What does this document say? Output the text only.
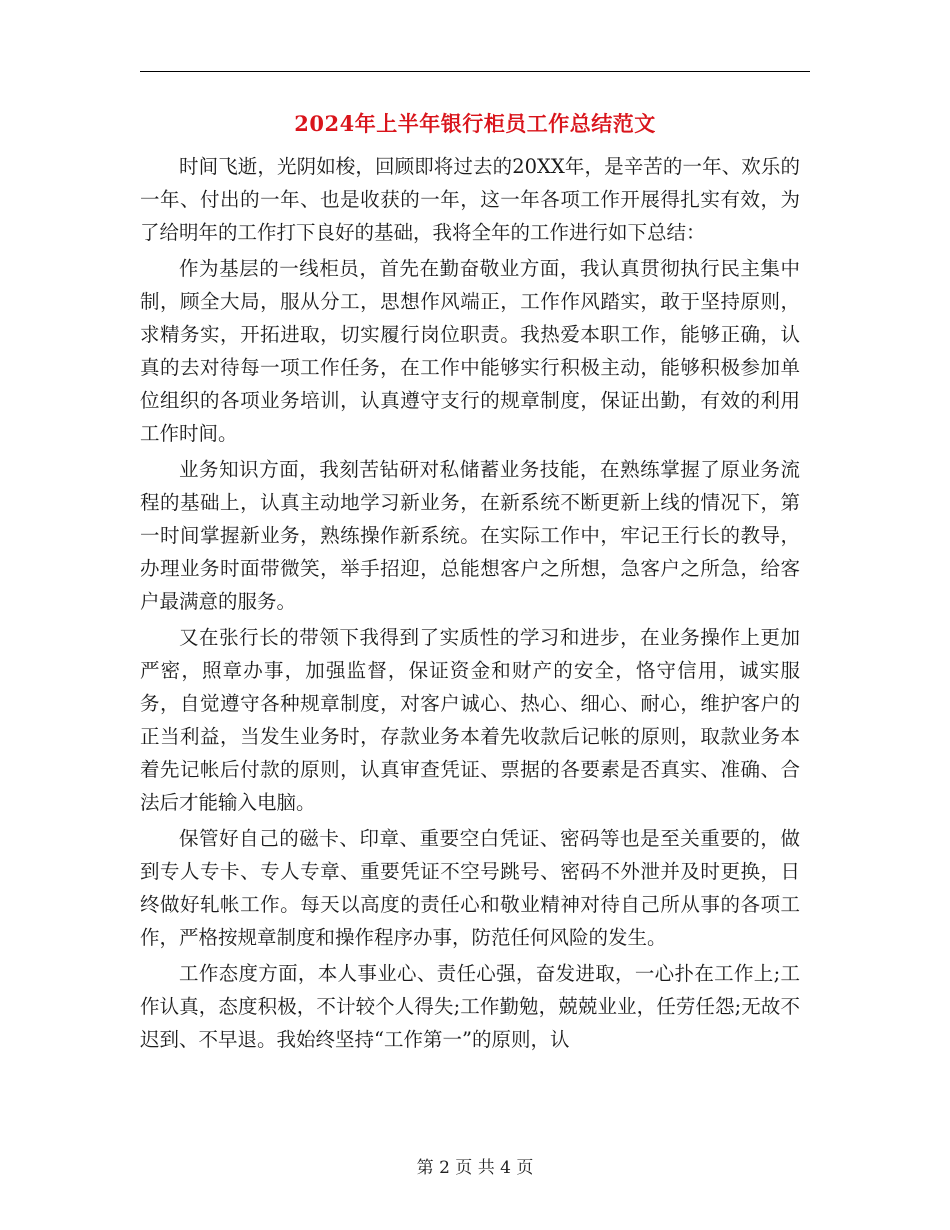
2024年上半年银行柜员工作总结范文

时间飞逝，光阴如梭，回顾即将过去的20XX年，是辛苦的一年、欢乐的一年、付出的一年、也是收获的一年，这一年各项工作开展得扎实有效，为了给明年的工作打下良好的基础，我将全年的工作进行如下总结：

作为基层的一线柜员，首先在勤奋敬业方面，我认真贯彻执行民主集中制，顾全大局，服从分工，思想作风端正，工作作风踏实，敢于坚持原则，求精务实，开拓进取，切实履行岗位职责。我热爱本职工作，能够正确，认真的去对待每一项工作任务，在工作中能够实行积极主动，能够积极参加单位组织的各项业务培训，认真遵守支行的规章制度，保证出勤，有效的利用工作时间。

业务知识方面，我刻苦钻研对私储蓄业务技能，在熟练掌握了原业务流程的基础上，认真主动地学习新业务，在新系统不断更新上线的情况下，第一时间掌握新业务，熟练操作新系统。在实际工作中，牢记王行长的教导，办理业务时面带微笑，举手招迎，总能想客户之所想，急客户之所急，给客户最满意的服务。

又在张行长的带领下我得到了实质性的学习和进步，在业务操作上更加严密，照章办事，加强监督，保证资金和财产的安全，恪守信用，诚实服务，自觉遵守各种规章制度，对客户诚心、热心、细心、耐心，维护客户的正当利益，当发生业务时，存款业务本着先收款后记帐的原则，取款业务本着先记帐后付款的原则，认真审查凭证、票据的各要素是否真实、准确、合法后才能输入电脑。

保管好自己的磁卡、印章、重要空白凭证、密码等也是至关重要的，做到专人专卡、专人专章、重要凭证不空号跳号、密码不外泄并及时更换，日终做好轧帐工作。每天以高度的责任心和敬业精神对待自己所从事的各项工作，严格按规章制度和操作程序办事，防范任何风险的发生。

工作态度方面，本人事业心、责任心强，奋发进取，一心扑在工作上;工作认真，态度积极，不计较个人得失;工作勤勉，兢兢业业，任劳任怨;无故不迟到、不早退。我始终坚持“工作第一”的原则，认

第 2 页 共 4 页
